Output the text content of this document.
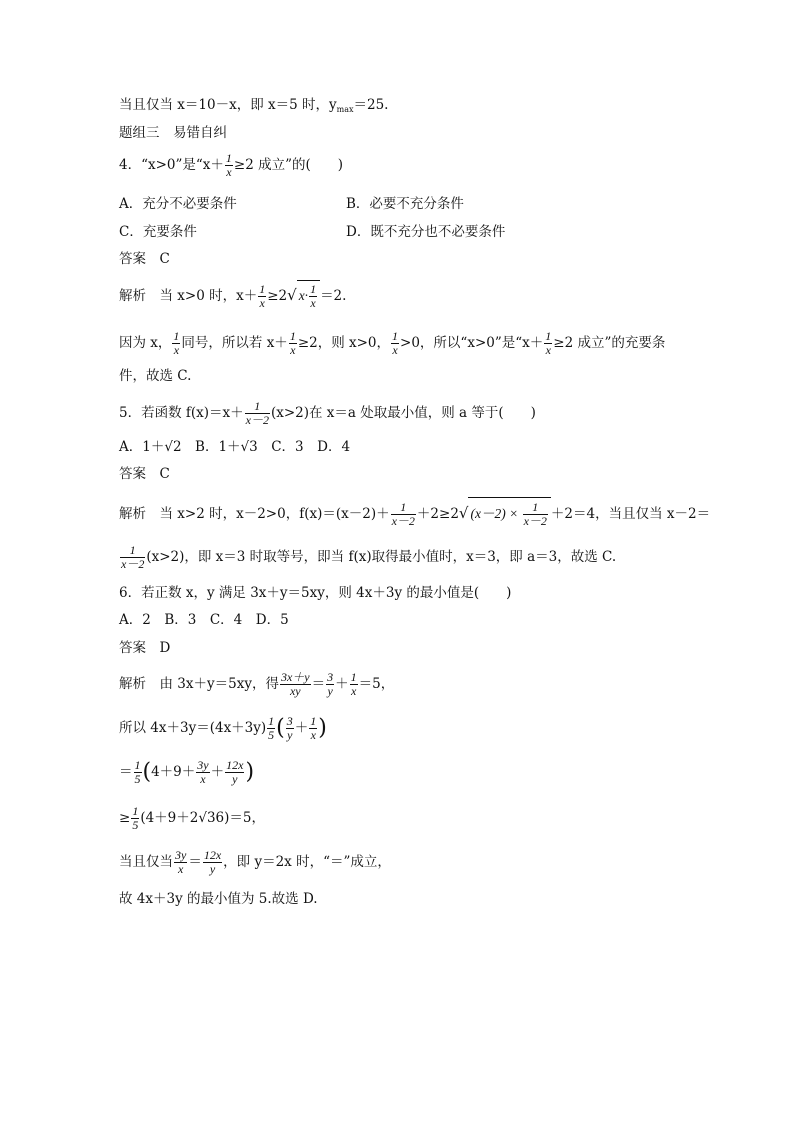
当且仅当 x＝10－x，即 x＝5 时，$y_{max}=25$.
题组三　易错自纠
4．“x>0”是“$x+ \frac{1}{x} \ge 2$ 成立”的(　　)
A．充分不必要条件	B．必要不充分条件
C．充要条件	D．既不充分也不必要条件
答案　C
解析　当 x>0 时，$x+ \frac{1}{x} \ge 2√$ $x\cdot \frac{1}{x} =2$.
因为 x， $\frac{1}{x}$ 同号，所以若 $x+ \frac{1}{x} \ge 2$，则 x>0， $\frac{1}{x} >0$，所以“x>0”是“$x+ \frac{1}{x} \ge 2$ 成立”的充要条
件，故选 C.
5．若函数 $f(x)=x+ \frac{1}{x-2} (x>2)$在 x＝a 处取最小值，则 a 等于(　　)
A．1＋√2　B．1＋√3　C．3　D．4
答案　C
解析　当 x>2 时，x－2>0，$f(x)=(x-2)+ \frac{1}{x-2} +2\ge 2√$ $(x-2) \times \frac{1}{x-2} +2=4$，当且仅当 x－2＝
$\frac{1}{x-2} (x>2)$，即 x＝3 时取等号，即当 f(x)取得最小值时，x＝3，即 a＝3，故选 C.
6．若正数 x，y 满足 3x＋y＝5xy，则 4x＋3y 的最小值是(　　)
A．2　B．3　C．4　D．5
答案　D
解析　由 3x＋y＝5xy，得 $\frac{3x+y}{xy} = \frac{3}{y} + \frac{1}{x} =5$，
所以 $4x+3y=(4x+3y) \frac{1}{5}$ ( $\frac{3}{y} + \frac{1}{x}$ )
＝ $\frac{1}{5} (4+9+ \frac{3y}{x} + \frac{12x}{y}$ )
≥ $\frac{1}{5} (4+9+2√36)=5$，
当且仅当 $\frac{3y}{x} = \frac{12x}{y}$ ，即 y＝2x 时，“＝”成立，
故 4x＋3y 的最小值为 5.故选 D.
